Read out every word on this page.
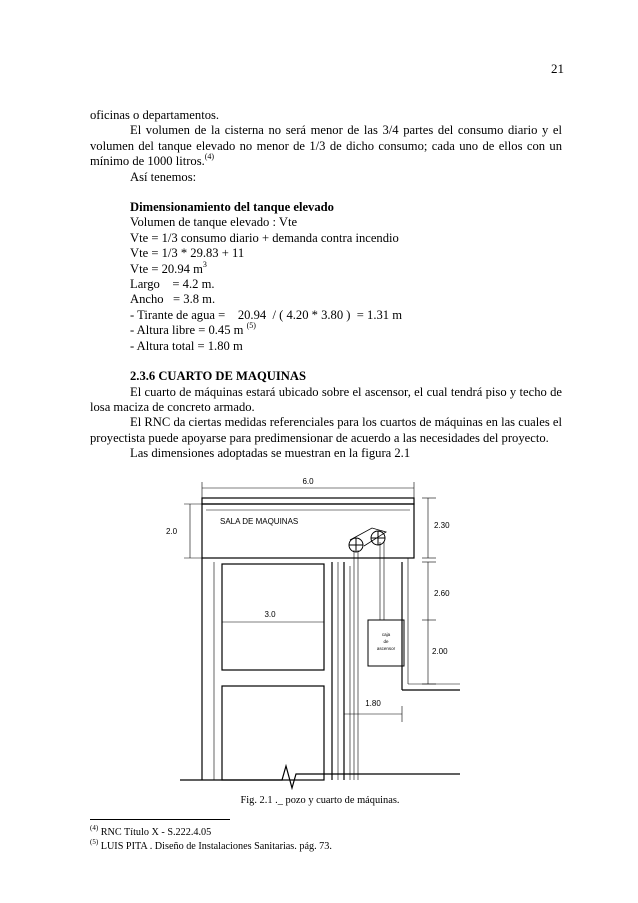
21

oficinas o departamentos.

El volumen de la cisterna no será menor de las 3/4 partes del consumo diario y el volumen del tanque elevado no menor de 1/3 de dicho consumo; cada uno de ellos con un mínimo de 1000 litros.$^{(4)}$

Así tenemos:

Dimensionamiento del tanque elevado

Volumen de tanque elevado : Vte

Vte = 1/3 consumo diario + demanda contra incendio

Vte = 1/3 * 29.83 + 11

Vte = 20.94 $m^3$

Largo    = 4.2 m.

Ancho   = 3.8 m.

- Tirante de agua =    20.94  / ( 4.20 * 3.80 )  = 1.31 m

- Altura libre = 0.45 m $^{(5)}$

- Altura total = 1.80 m

2.3.6 CUARTO DE MAQUINAS

El cuarto de máquinas estará ubicado sobre el ascensor, el cual tendrá piso y techo de losa maciza de concreto armado.

El RNC da ciertas medidas referenciales para los cuartos de máquinas en las cuales el proyectista puede apoyarse para predimensionar de acuerdo a las necesidades del proyecto.

Las dimensiones adoptadas se muestran en la figura 2.1

6.0
SALA DE MAQUINAS
2.0
2.30
2.60
2.00
3.0
1.80
caja
de
ascensor
Fig. 2.1 ._ pozo y cuarto de máquinas.
$^{(4)}$ RNC Título X - S.222.4.05
$^{(5)}$ LUIS PITA . Diseño de Instalaciones Sanitarias. pág. 73.
